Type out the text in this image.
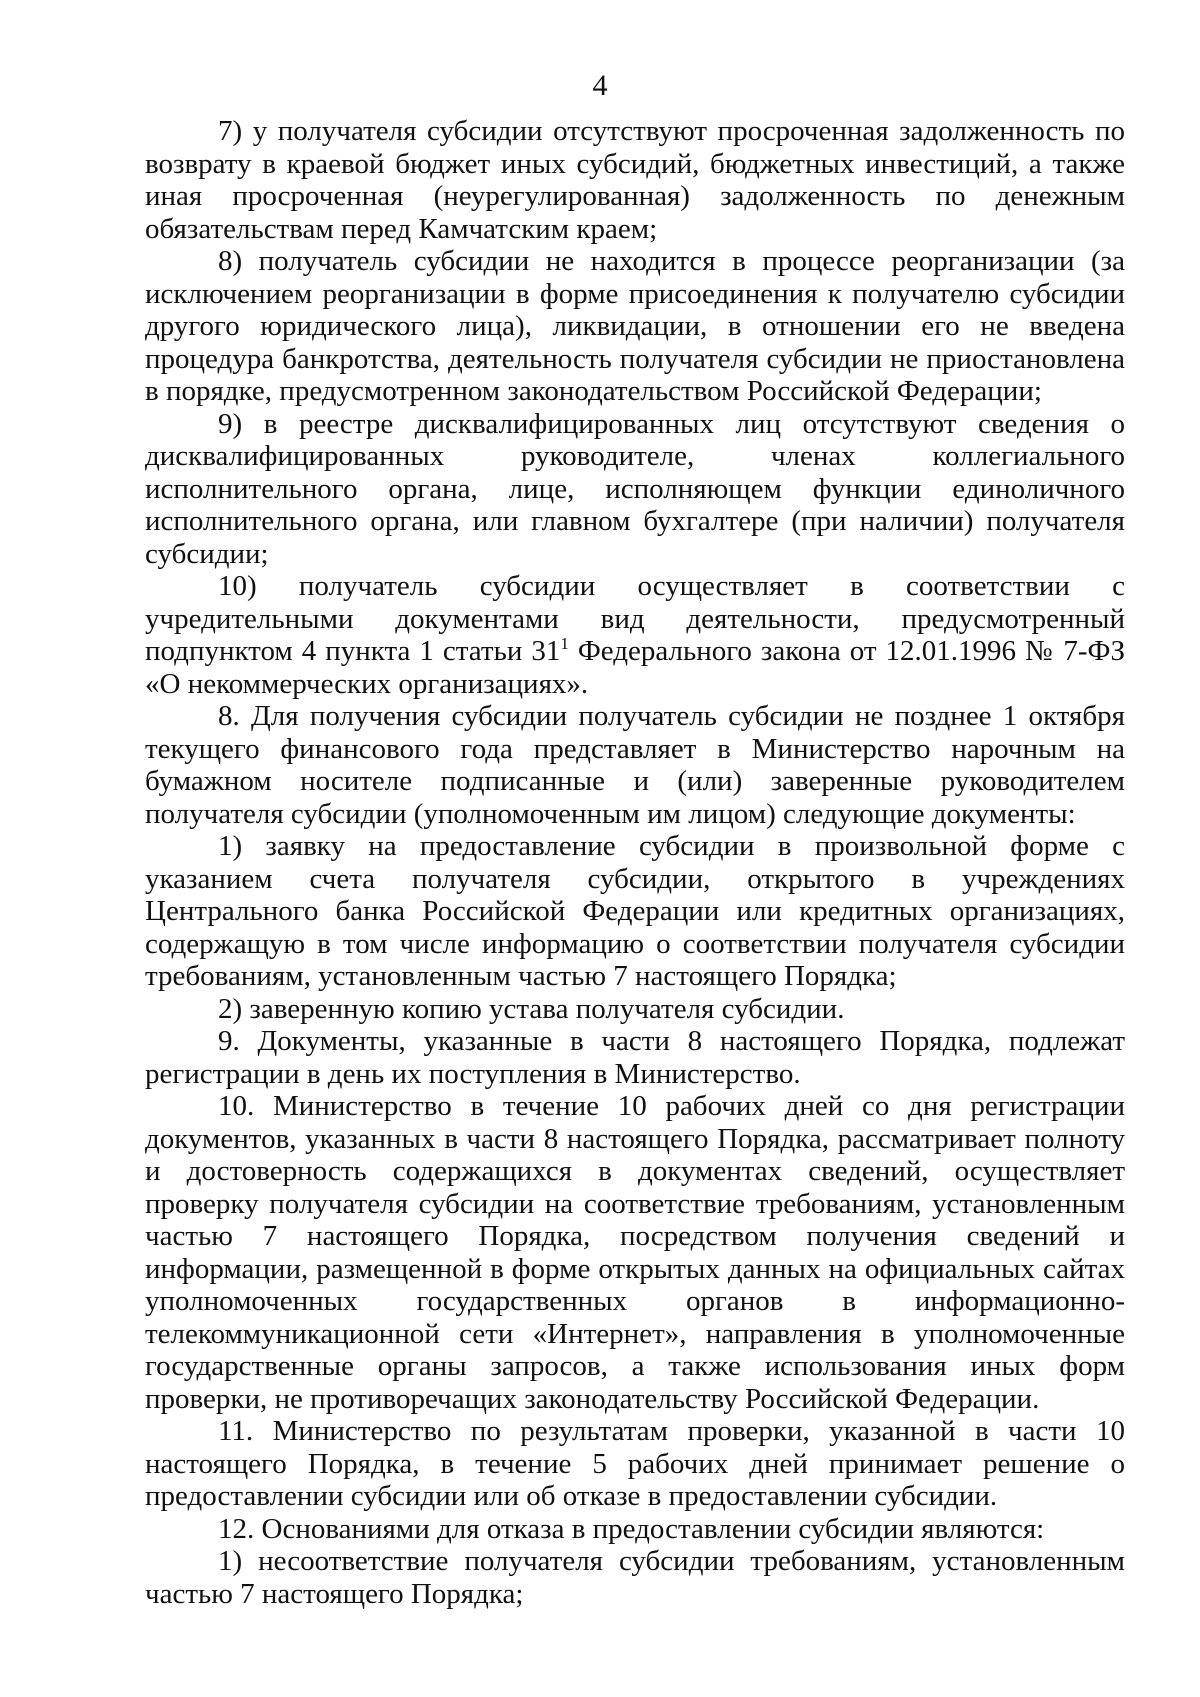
4

7) у получателя субсидии отсутствуют просроченная задолженность по возврату в краевой бюджет иных субсидий, бюджетных инвестиций, а также иная просроченная (неурегулированная) задолженность по денежным обязательствам перед Камчатским краем;

8) получатель субсидии не находится в процессе реорганизации (за исключением реорганизации в форме присоединения к получателю субсидии другого юридического лица), ликвидации, в отношении его не введена процедура банкротства, деятельность получателя субсидии не приостановлена в порядке, предусмотренном законодательством Российской Федерации;

9) в реестре дисквалифицированных лиц отсутствуют сведения о дисквалифицированных руководителе, членах коллегиального исполнительного органа, лице, исполняющем функции единоличного исполнительного органа, или главном бухгалтере (при наличии) получателя субсидии;

10) получатель субсидии осуществляет в соответствии с учредительными документами вид деятельности, предусмотренный подпунктом 4 пункта 1 статьи $31^1$ Федерального закона от 12.01.1996 № 7-ФЗ «О некоммерческих организациях».

8. Для получения субсидии получатель субсидии не позднее 1 октября текущего финансового года представляет в Министерство нарочным на бумажном носителе подписанные и (или) заверенные руководителем получателя субсидии (уполномоченным им лицом) следующие документы:

1) заявку на предоставление субсидии в произвольной форме с указанием счета получателя субсидии, открытого в учреждениях Центрального банка Российской Федерации или кредитных организациях, содержащую в том числе информацию о соответствии получателя субсидии требованиям, установленным частью 7 настоящего Порядка;

2) заверенную копию устава получателя субсидии.

9. Документы, указанные в части 8 настоящего Порядка, подлежат регистрации в день их поступления в Министерство.

10. Министерство в течение 10 рабочих дней со дня регистрации документов, указанных в части 8 настоящего Порядка, рассматривает полноту и достоверность содержащихся в документах сведений, осуществляет проверку получателя субсидии на соответствие требованиям, установленным частью 7 настоящего Порядка, посредством получения сведений и информации, размещенной в форме открытых данных на официальных сайтах уполномоченных государственных органов в информационно-телекоммуникационной сети «Интернет», направления в уполномоченные государственные органы запросов, а также использования иных форм проверки, не противоречащих законодательству Российской Федерации.

11. Министерство по результатам проверки, указанной в части 10 настоящего Порядка, в течение 5 рабочих дней принимает решение о предоставлении субсидии или об отказе в предоставлении субсидии.

12. Основаниями для отказа в предоставлении субсидии являются:

1) несоответствие получателя субсидии требованиям, установленным частью 7 настоящего Порядка;
